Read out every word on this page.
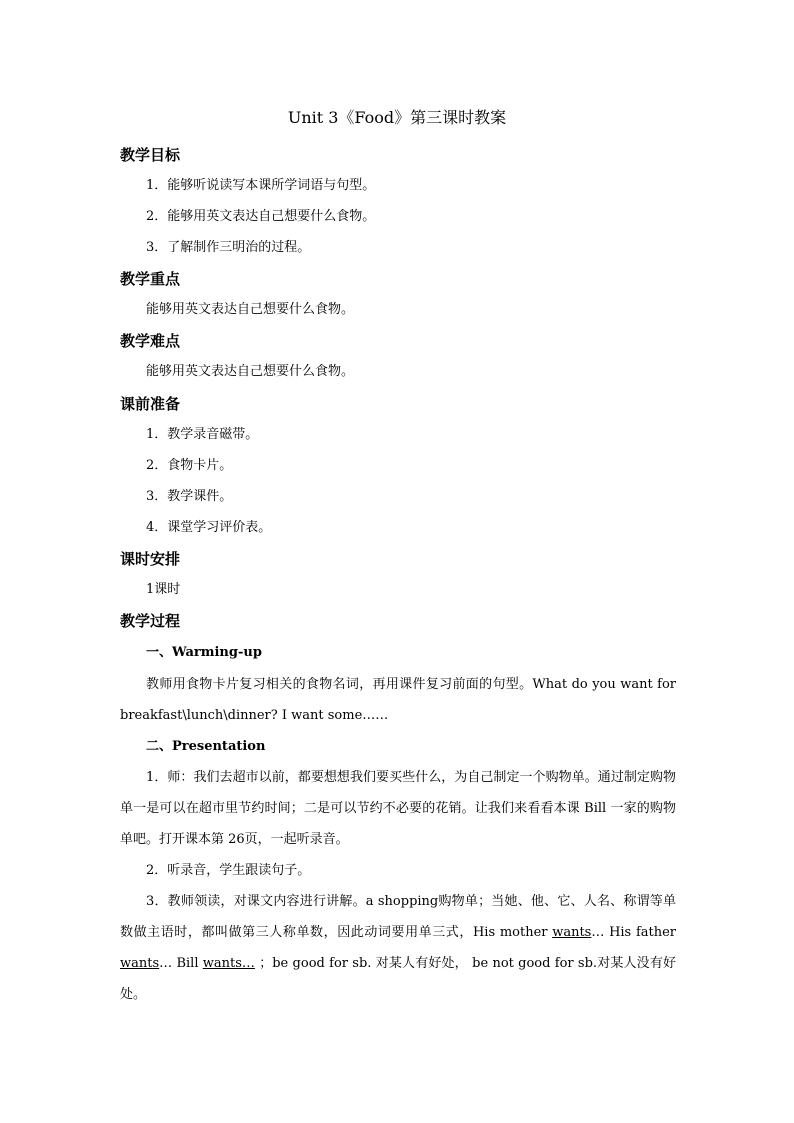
Unit 3《Food》第三课时教案
教学目标
1．能够听说读写本课所学词语与句型。
2．能够用英文表达自己想要什么食物。
3．了解制作三明治的过程。
教学重点
能够用英文表达自己想要什么食物。
教学难点
能够用英文表达自己想要什么食物。
课前准备
1．教学录音磁带。
2．食物卡片。
3．教学课件。
4．课堂学习评价表。
课时安排
1课时
教学过程
一、Warming-up
教师用食物卡片复习相关的食物名词，再用课件复习前面的句型。What do you want for breakfast\lunch\dinner? I want some……
二、Presentation
1．师：我们去超市以前，都要想想我们要买些什么，为自己制定一个购物单。通过制定购物单一是可以在超市里节约时间；二是可以节约不必要的花销。让我们来看看本课 Bill 一家的购物单吧。打开课本第 26页，一起听录音。
2．听录音，学生跟读句子。
3．教师领读，对课文内容进行讲解。a shopping购物单；当她、他、它、人名、称谓等单数做主语时，都叫做第三人称单数，因此动词要用单三式，His mother wants… His father wants… Bill wants… ；be good for sb. 对某人有好处， be not good for sb.对某人没有好处。
